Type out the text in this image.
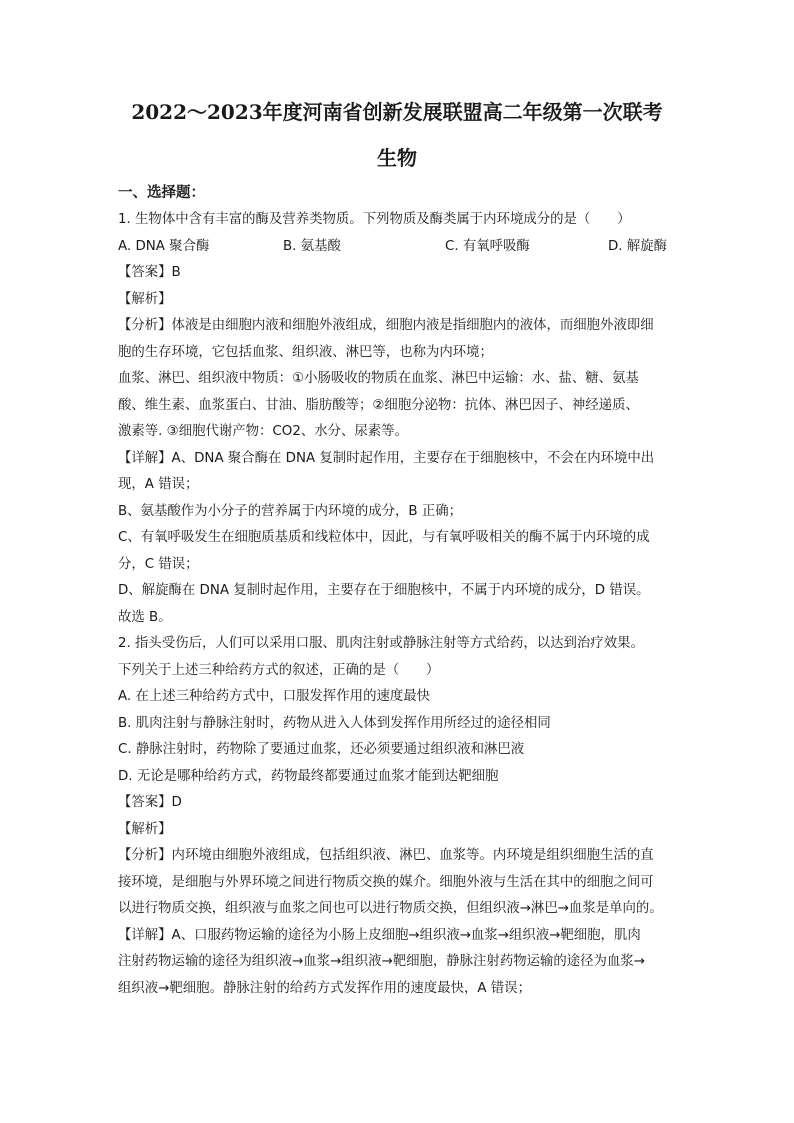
2022～2023年度河南省创新发展联盟高二年级第一次联考
生物
一、选择题：
1. 生物体中含有丰富的酶及营养类物质。下列物质及酶类属于内环境成分的是（　　）
A. DNA 聚合酶	B. 氨基酸	C. 有氧呼吸酶	D. 解旋酶
【答案】B
【解析】
【分析】体液是由细胞内液和细胞外液组成，细胞内液是指细胞内的液体，而细胞外液即细
胞的生存环境，它包括血浆、组织液、淋巴等，也称为内环境；
血浆、淋巴、组织液中物质：①小肠吸收的物质在血浆、淋巴中运输：水、盐、糖、氨基
酸、维生素、血浆蛋白、甘油、脂肪酸等；②细胞分泌物：抗体、淋巴因子、神经递质、
激素等. ③细胞代谢产物：CO2、水分、尿素等。
【详解】A、DNA 聚合酶在 DNA 复制时起作用，主要存在于细胞核中，不会在内环境中出
现，A 错误；
B、氨基酸作为小分子的营养属于内环境的成分，B 正确；
C、有氧呼吸发生在细胞质基质和线粒体中，因此，与有氧呼吸相关的酶不属于内环境的成
分，C 错误；
D、解旋酶在 DNA 复制时起作用，主要存在于细胞核中，不属于内环境的成分，D 错误。
故选 B。
2. 指头受伤后，人们可以采用口服、肌肉注射或静脉注射等方式给药，以达到治疗效果。
下列关于上述三种给药方式的叙述，正确的是（　　）
A. 在上述三种给药方式中，口服发挥作用的速度最快
B. 肌肉注射与静脉注射时，药物从进入人体到发挥作用所经过的途径相同
C. 静脉注射时，药物除了要通过血浆，还必须要通过组织液和淋巴液
D. 无论是哪种给药方式，药物最终都要通过血浆才能到达靶细胞
【答案】D
【解析】
【分析】内环境由细胞外液组成，包括组织液、淋巴、血浆等。内环境是组织细胞生活的直
接环境，是细胞与外界环境之间进行物质交换的媒介。细胞外液与生活在其中的细胞之间可
以进行物质交换，组织液与血浆之间也可以进行物质交换，但组织液→淋巴→血浆是单向的。
【详解】A、口服药物运输的途径为小肠上皮细胞→组织液→血浆→组织液→靶细胞，肌肉
注射药物运输的途径为组织液→血浆→组织液→靶细胞，静脉注射药物运输的途径为血浆→
组织液→靶细胞。静脉注射的给药方式发挥作用的速度最快，A 错误；
